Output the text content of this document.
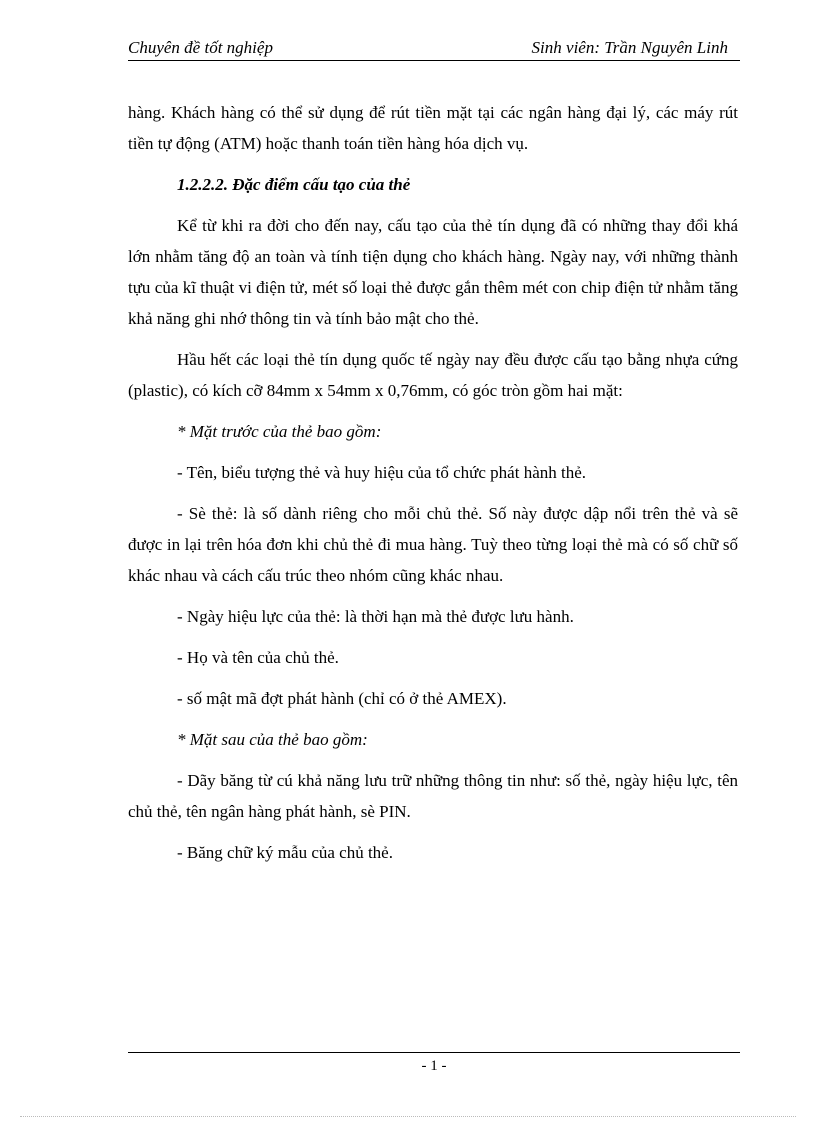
Chuyên đề tốt nghiệp	Sinh viên: Trần Nguyên Linh

hàng. Khách hàng có thể sử dụng để rút tiền mặt tại các ngân hàng đại lý, các máy rút tiền tự động (ATM) hoặc thanh toán tiền hàng hóa dịch vụ.

1.2.2.2. Đặc điểm cấu tạo của thẻ

Kể từ khi ra đời cho đến nay, cấu tạo của thẻ tín dụng đã có những thay đổi khá lớn nhằm tăng độ an toàn và tính tiện dụng cho khách hàng. Ngày nay, với những thành tựu của kĩ thuật vi điện tử, mét số loại thẻ được gắn thêm mét con chip điện tử nhằm tăng khả năng ghi nhớ thông tin và tính bảo mật cho thẻ.

Hầu hết các loại thẻ tín dụng quốc tế ngày nay đều được cấu tạo bằng nhựa cứng (plastic), có kích cỡ 84mm x 54mm x 0,76mm, có góc tròn gồm hai mặt:

* Mặt trước của thẻ bao gồm:

- Tên, biểu tượng thẻ và huy hiệu của tổ chức phát hành thẻ.

- Sè thẻ: là số dành riêng cho mỗi chủ thẻ. Số này được dập nổi trên thẻ và sẽ được in lại trên hóa đơn khi chủ thẻ đi mua hàng. Tuỳ theo từng loại thẻ mà có số chữ số khác nhau và cách cấu trúc theo nhóm cũng khác nhau.

- Ngày hiệu lực của thẻ: là thời hạn mà thẻ được lưu hành.

- Họ và tên của chủ thẻ.

- số mật mã đợt phát hành (chỉ có ở thẻ AMEX).

* Mặt sau của thẻ bao gồm:

- Dãy băng từ cú khả năng lưu trữ những thông tin như: số thẻ, ngày hiệu lực, tên chủ thẻ, tên ngân hàng phát hành, sè PIN.

- Băng chữ ký mẫu của chủ thẻ.

- 1 -
